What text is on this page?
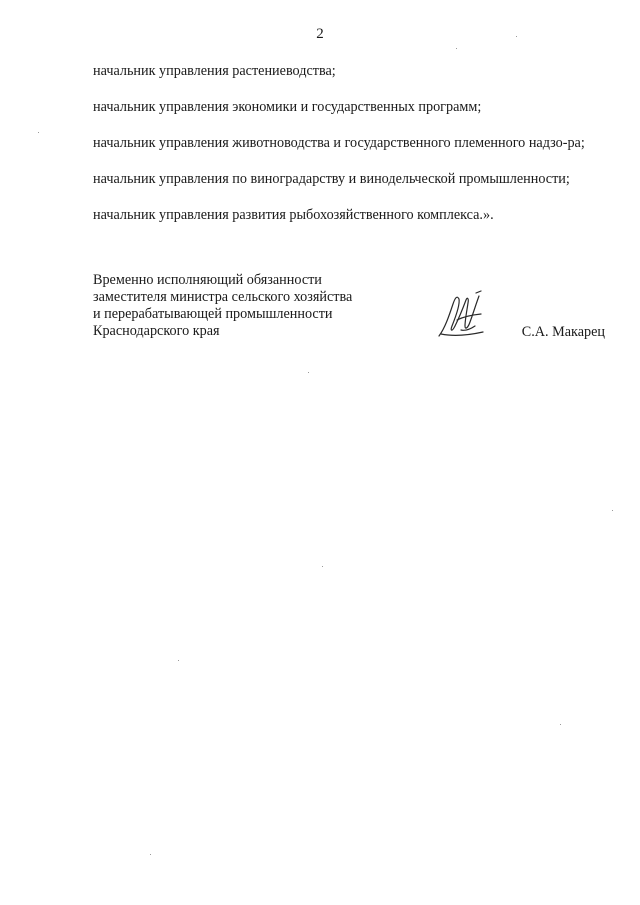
2

начальник управления растениеводства;

начальник управления экономики и государственных программ;

начальник управления животноводства и государственного племенного надзо-ра;

начальник управления по виноградарству и винодельческой промышленности;

начальник управления развития рыбохозяйственного комплекса.».

Временно исполняющий обязанности
заместителя министра сельского хозяйства
и перерабатывающей промышленности
Краснодарского края	С.А. Макарец
